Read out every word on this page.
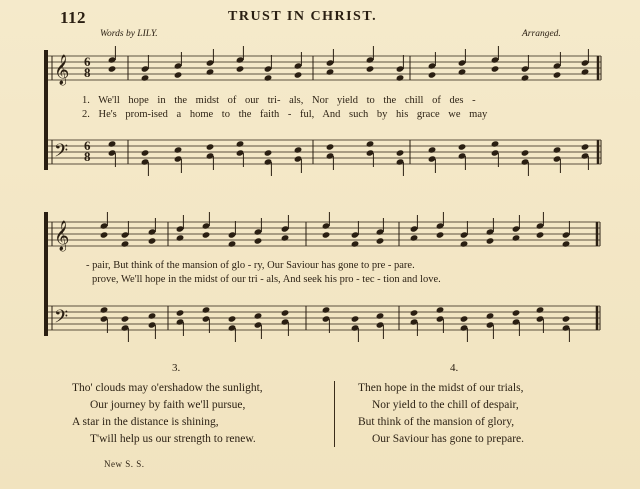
112	TRUST IN CHRIST.
Words by LILY.	Arranged.
𝄞
𝄢
𝄞
𝄢
6
8
6
8
1. We'll hope in the midst of our tri- als, Nor yield to the chill of des -
2. He's prom-ised a home to the faith - ful, And such by his grace we may
- pair, But think of the mansion of glo - ry, Our Saviour has gone to pre - pare.
prove, We'll hope in the midst of our tri - als, And seek his pro - tec - tion and love.
3.	4.
Tho' clouds may o'ershadow the sunlight,
Our journey by faith we'll pursue,
A star in the distance is shining,
T'will help us our strength to renew.
Then hope in the midst of our trials,
Nor yield to the chill of despair,
But think of the mansion of glory,
Our Saviour has gone to prepare.
New S. S.
